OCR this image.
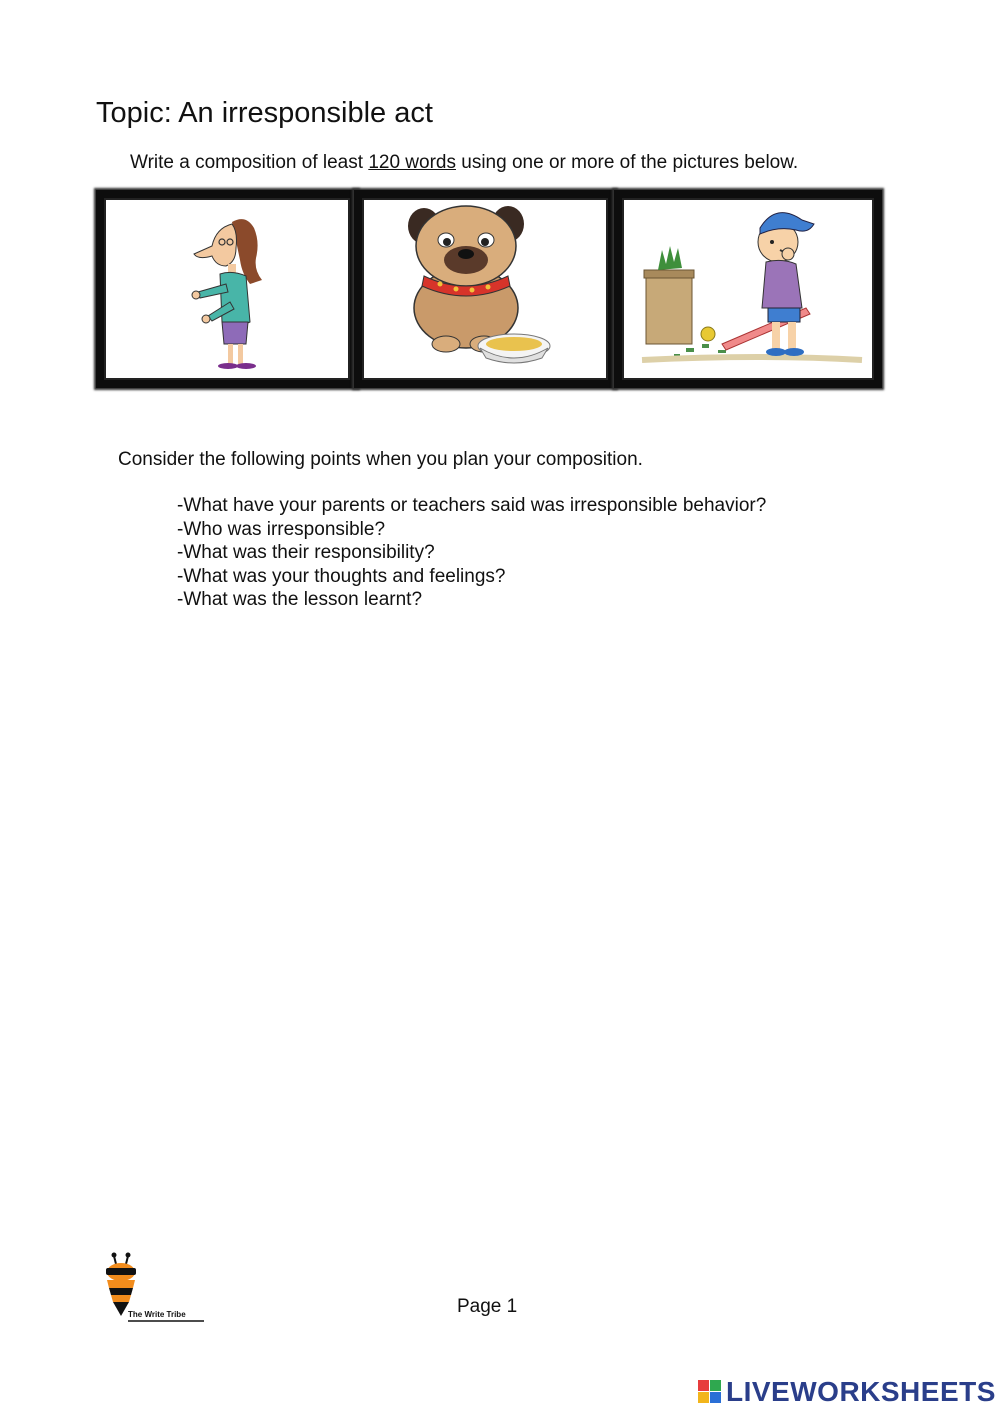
Topic: An irresponsible act

Write a composition of least 120 words using one or more of the pictures below.

Consider the following points when you plan your composition.

-What have your parents or teachers said was irresponsible behavior?
-Who was irresponsible?
-What was their responsibility?
-What was your thoughts and feelings?
-What was the lesson learnt?
The Write Tribe	Page 1

LIVEWORKSHEETS
